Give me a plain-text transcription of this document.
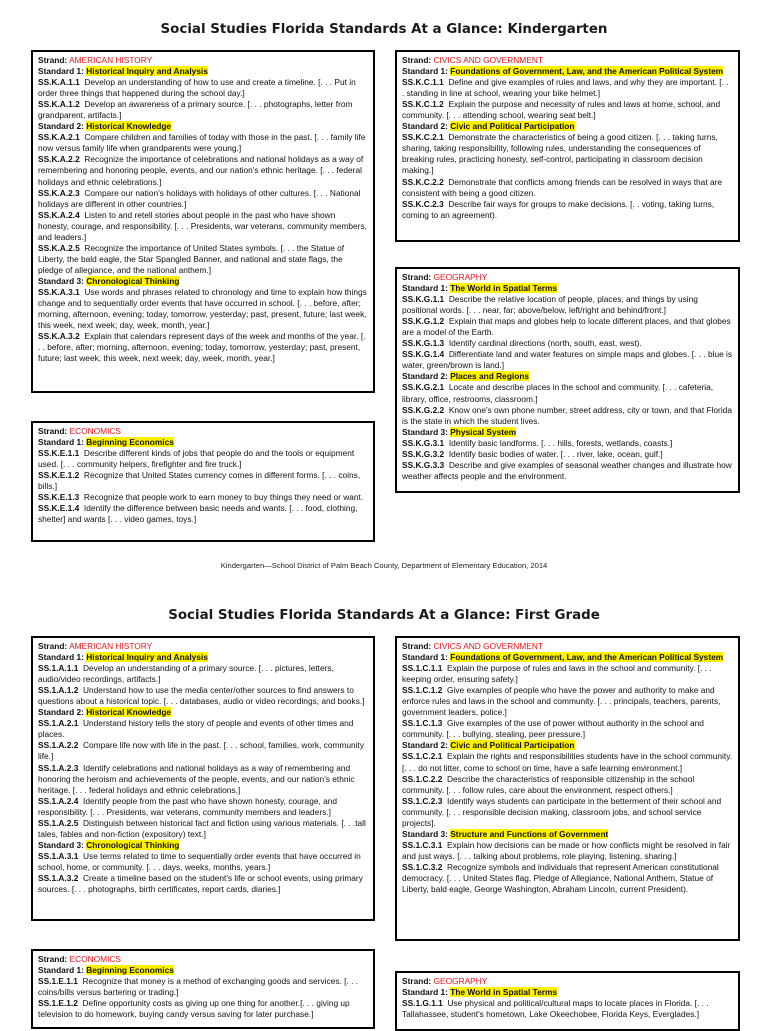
Social Studies Florida Standards At a Glance: Kindergarten
Strand: AMERICAN HISTORY
Standard 1: Historical Inquiry and Analysis
SS.K.A.1.1 Develop an understanding of how to use and create a timeline. [. . . Put in order three things that happened during the school day.]
SS.K.A.1.2 Develop an awareness of a primary source. [. . . photographs, letter from grandparent, artifacts.]
Standard 2: Historical Knowledge
SS.K.A.2.1 Compare children and families of today with those in the past. [. . . family life now versus family life when grandparents were young.]
SS.K.A.2.2 Recognize the importance of celebrations and national holidays as a way of remembering and honoring people, events, and our nation's ethnic heritage. [. . . federal holidays and ethnic celebrations.]
SS.K.A.2.3 Compare our nation's holidays with holidays of other cultures. [. . . National holidays are different in other countries.]
SS.K.A.2.4 Listen to and retell stories about people in the past who have shown honesty, courage, and responsibility. [. . . Presidents, war veterans, community members, and leaders.]
SS.K.A.2.5 Recognize the importance of United States symbols. [. . . the Statue of Liberty, the bald eagle, the Star Spangled Banner, and national and state flags, the pledge of allegiance, and the national anthem.]
Standard 3: Chronological Thinking
SS.K.A.3.1 Use words and phrases related to chronology and time to explain how things change and to sequentially order events that have occurred in school. [. . . before, after; morning, afternoon, evening; today, tomorrow, yesterday; past, present, future; last week, this week, next week; day, week, month, year.]
SS.K.A.3.2 Explain that calendars represent days of the week and months of the year. [. . . before, after; morning, afternoon, evening; today, tomorrow, yesterday; past, present, future; last week, this week, next week; day, week, month, year.]
Strand: ECONOMICS
Standard 1: Beginning Economics
SS.K.E.1.1 Describe different kinds of jobs that people do and the tools or equipment used. [. . . community helpers, firefighter and fire truck.]
SS.K.E.1.2 Recognize that United States currency comes in different forms. [. . . coins, bills.]
SS.K.E.1.3 Recognize that people work to earn money to buy things they need or want.
SS.K.E.1.4 Identify the difference between basic needs and wants. [. . . food, clothing, shelter] and wants [. . . video games, toys.]
Strand: CIVICS AND GOVERNMENT
Standard 1: Foundations of Government, Law, and the American Political System
SS.K.C.1.1 Define and give examples of rules and laws, and why they are important. [. . . standing in line at school, wearing your bike helmet.]
SS.K.C.1.2 Explain the purpose and necessity of rules and laws at home, school, and community. [. . . attending school, wearing seat belt.]
Standard 2: Civic and Political Participation
SS.K.C.2.1 Demonstrate the characteristics of being a good citizen. [. . . taking turns, sharing, taking responsibility, following rules, understanding the consequences of breaking rules, practicing honesty, self-control, participating in classroom decision making.]
SS.K.C.2.2 Demonstrate that conflicts among friends can be resolved in ways that are consistent with being a good citizen.
SS.K.C.2.3 Describe fair ways for groups to make decisions. [. . voting, taking turns, coming to an agreement).
Strand: GEOGRAPHY
Standard 1: The World in Spatial Terms
SS.K.G.1.1 Describe the relative location of people, places, and things by using positional words. [. . . near, far; above/below, left/right and behind/front.]
SS.K.G.1.2 Explain that maps and globes help to locate different places, and that globes are a model of the Earth.
SS.K.G.1.3 Identify cardinal directions (north, south, east, west).
SS.K.G.1.4 Differentiate land and water features on simple maps and globes. [. . . blue is water, green/brown is land.]
Standard 2: Places and Regions
SS.K.G.2.1 Locate and describe places in the school and community. [. . . cafeteria, library, office, restrooms, classroom.]
SS.K.G.2.2 Know one's own phone number, street address, city or town, and that Florida is the state in which the student lives.
Standard 3: Physical System
SS.K.G.3.1 Identify basic landforms. [. . . hills, forests, wetlands, coasts.]
SS.K.G.3.2 Identify basic bodies of water. [. . . river, lake, ocean, gulf.]
SS.K.G.3.3 Describe and give examples of seasonal weather changes and illustrate how weather affects people and the environment.
Kindergarten—School District of Palm Beach County, Department of Elementary Education, 2014
Social Studies Florida Standards At a Glance: First Grade
Strand: AMERICAN HISTORY
Standard 1: Historical Inquiry and Analysis
SS.1.A.1.1 Develop an understanding of a primary source. [. . . pictures, letters, audio/video recordings, artifacts.]
SS.1.A.1.2 Understand how to use the media center/other sources to find answers to questions about a historical topic. [. . . databases, audio or video recordings, and books.]
Standard 2: Historical Knowledge
SS.1.A.2.1 Understand history tells the story of people and events of other times and places.
SS.1.A.2.2 Compare life now with life in the past. [. . . school, families, work, community life.]
SS.1.A.2.3 Identify celebrations and national holidays as a way of remembering and honoring the heroism and achievements of the people, events, and our nation's ethnic heritage. [. . . federal holidays and ethnic celebrations.]
SS.1.A.2.4 Identify people from the past who have shown honesty, courage, and responsibility. [. . . Presidents, war veterans, community members and leaders.]
SS.1.A.2.5 Distinguish between historical fact and fiction using various materials. [. . .tall tales, fables and non-fiction (expository) text.]
Standard 3: Chronological Thinking
SS.1.A.3.1 Use terms related to time to sequentially order events that have occurred in school, home, or community. [. . . days, weeks, months, years.]
SS.1.A.3.2 Create a timeline based on the student's life or school events, using primary sources. [. . . photographs, birth certificates, report cards, diaries.]
Strand: ECONOMICS
Standard 1: Beginning Economics
SS.1.E.1.1 Recognize that money is a method of exchanging goods and services. [. . . coins/bills versus bartering or trading.]
SS.1.E.1.2 Define opportunity costs as giving up one thing for another.[. . . giving up television to do homework, buying candy versus saving for later purchase.]
Strand: CIVICS AND GOVERNMENT
Standard 1: Foundations of Government, Law, and the American Political System
SS.1.C.1.1 Explain the purpose of rules and laws in the school and community. [. . . keeping order, ensuring safety.]
SS.1.C.1.2 Give examples of people who have the power and authority to make and enforce rules and laws in the school and community. [. . . principals, teachers, parents, government leaders, police.]
SS.1.C.1.3 Give examples of the use of power without authority in the school and community. [. . . bullying, stealing, peer pressure.]
Standard 2: Civic and Political Participation
SS.1.C.2.1 Explain the rights and responsibilities students have in the school community. [. . . do not litter, come to school on time, have a safe learning environment.]
SS.1.C.2.2 Describe the characteristics of responsible citizenship in the school community. [. . . follow rules, care about the environment, respect others.]
SS.1.C.2.3 Identify ways students can participate in the betterment of their school and community. [. . . responsible decision making, classroom jobs, and school service projects].
Standard 3: Structure and Functions of Government
SS.1.C.3.1 Explain how decisions can be made or how conflicts might be resolved in fair and just ways. [. . . talking about problems, role playing, listening, sharing.]
SS.1.C.3.2 Recognize symbols and individuals that represent American constitutional democracy. [. . . United States flag, Pledge of Allegiance, National Anthem, Statue of Liberty, bald eagle, George Washington, Abraham Lincoln, current President).
Strand: GEOGRAPHY
Standard 1: The World in Spatial Terms
SS.1.G.1.1 Use physical and political/cultural maps to locate places in Florida. [. . . Tallahassee, student's hometown, Lake Okeechobee, Florida Keys, Everglades.]
